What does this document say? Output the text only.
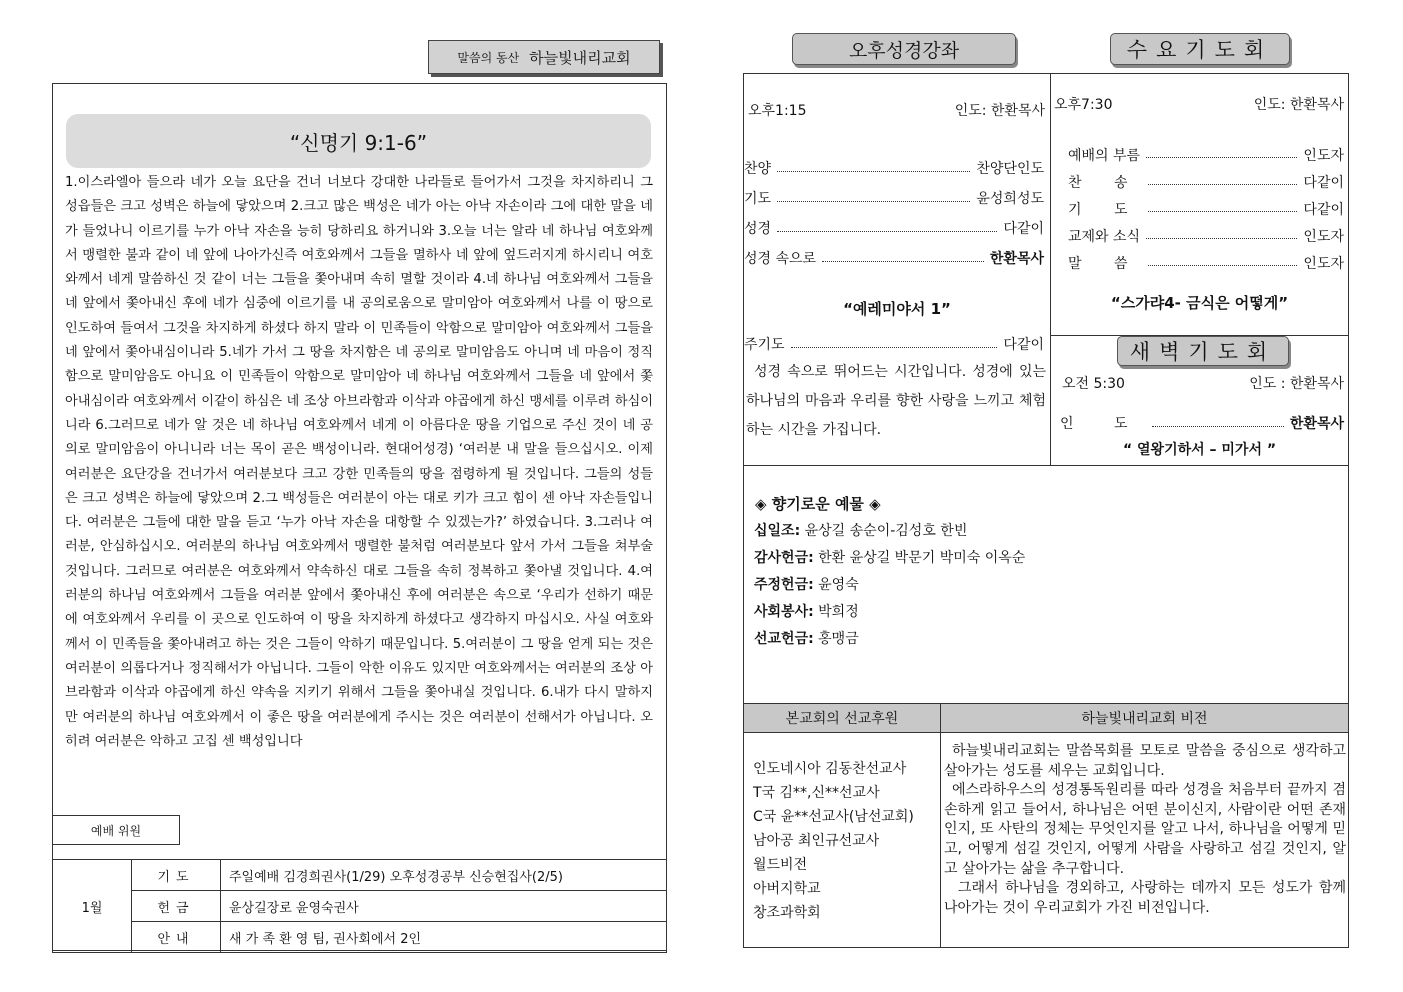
말씀의 동산 하늘빛내리교회
“신명기 9:1-6”
1.이스라엘아 들으라 네가 오늘 요단을 건너 너보다 강대한 나라들로 들어가서 그것을 차지하리니 그 성읍들은 크고 성벽은 하늘에 닿았으며 2.크고 많은 백성은 네가 아는 아낙 자손이라 그에 대한 말을 네가 들었나니 이르기를 누가 아낙 자손을 능히 당하리요 하거니와 3.오늘 너는 알라 네 하나님 여호와께서 맹렬한 불과 같이 네 앞에 나아가신즉 여호와께서 그들을 멸하사 네 앞에 엎드러지게 하시리니 여호와께서 네게 말씀하신 것 같이 너는 그들을 쫓아내며 속히 멸할 것이라 4.네 하나님 여호와께서 그들을 네 앞에서 쫓아내신 후에 네가 심중에 이르기를 내 공의로움으로 말미암아 여호와께서 나를 이 땅으로 인도하여 들여서 그것을 차지하게 하셨다 하지 말라 이 민족들이 악함으로 말미암아 여호와께서 그들을 네 앞에서 쫓아내심이니라 5.네가 가서 그 땅을 차지함은 네 공의로 말미암음도 아니며 네 마음이 정직함으로 말미암음도 아니요 이 민족들이 악함으로 말미암아 네 하나님 여호와께서 그들을 네 앞에서 쫓아내심이라 여호와께서 이같이 하심은 네 조상 아브라함과 이삭과 야곱에게 하신 맹세를 이루려 하심이니라 6.그러므로 네가 알 것은 네 하나님 여호와께서 네게 이 아름다운 땅을 기업으로 주신 것이 네 공의로 말미암음이 아니니라 너는 목이 곧은 백성이니라. 현대어성경) ‘여러분 내 말을 들으십시오. 이제 여러분은 요단강을 건너가서 여러분보다 크고 강한 민족들의 땅을 점령하게 될 것입니다. 그들의 성들은 크고 성벽은 하늘에 닿았으며 2.그 백성들은 여러분이 아는 대로 키가 크고 힘이 센 아낙 자손들입니다. 여러분은 그들에 대한 말을 듣고 ‘누가 아낙 자손을 대항할 수 있겠는가?’ 하였습니다. 3.그러나 여러분, 안심하십시오. 여러분의 하나님 여호와께서 맹렬한 불처럼 여러분보다 앞서 가서 그들을 쳐부술 것입니다. 그러므로 여러분은 여호와께서 약속하신 대로 그들을 속히 정복하고 쫓아낼 것입니다. 4.여러분의 하나님 여호와께서 그들을 여러분 앞에서 쫓아내신 후에 여러분은 속으로 ‘우리가 선하기 때문에 여호와께서 우리를 이 곳으로 인도하여 이 땅을 차지하게 하셨다고 생각하지 마십시오. 사실 여호와께서 이 민족들을 쫓아내려고 하는 것은 그들이 악하기 때문입니다. 5.여러분이 그 땅을 얻게 되는 것은 여러분이 의롭다거나 정직해서가 아닙니다. 그들이 악한 이유도 있지만 여호와께서는 여러분의 조상 아브라함과 이삭과 야곱에게 하신 약속을 지키기 위해서 그들을 쫓아내실 것입니다. 6.내가 다시 말하지만 여러분의 하나님 여호와께서 이 좋은 땅을 여러분에게 주시는 것은 여러분이 선해서가 아닙니다. 오히려 여러분은 악하고 고집 센 백성입니다
예배 위원
1월	기도	주일예배 김경희권사(1/29) 오후성경공부 신승현집사(2/5)
	헌금	윤상길장로 윤영숙권사
	안내	새 가 족 환 영 팀, 권사회에서 2인
오후성경강좌	수요기도회
새벽기도회
오후1:15	인도: 한환목사
찬양	찬양단인도
기도	윤성희성도
성경	다같이
성경 속으로	한환목사
“예레미야서 1”
주기도	다같이
성경 속으로 뛰어드는 시간입니다. 성경에 있는 하나님의 마음과 우리를 향한 사랑을 느끼고 체험하는 시간을 가집니다.
오후7:30	인도: 한환목사
예배의 부름	인도자
찬 송	다같이
기 도	다같이
교제와 소식	인도자
말 씀	인도자
“스가랴4- 금식은 어떻게”
오전 5:30	인도 : 한환목사
인 도	한환목사
“ 열왕기하서 – 미가서 ”
◈ 향기로운 예물 ◈
십일조: 윤상길 송순이-김성호 한빈
감사헌금: 한환 윤상길 박문기 박미숙 이옥순
주정헌금: 윤영숙
사회봉사: 박희정
선교헌금: 홍맹금
본교회의 선교후원	하늘빛내리교회 비전
인도네시아 김동찬선교사
T국 김**,신**선교사
C국 윤**선교사(남선교회)
남아공 최인규선교사
월드비전
아버지학교
창조과학회
하늘빛내리교회는 말씀목회를 모토로 말씀을 중심으로 생각하고 살아가는 성도를 세우는 교회입니다.
에스라하우스의 성경통독원리를 따라 성경을 처음부터 끝까지 겸손하게 읽고 들어서, 하나님은 어떤 분이신지, 사람이란 어떤 존재인지, 또 사탄의 정체는 무엇인지를 알고 나서, 하나님을 어떻게 믿고, 어떻게 섬길 것인지, 어떻게 사람을 사랑하고 섬길 것인지, 알고 살아가는 삶을 추구합니다.
그래서 하나님을 경외하고, 사랑하는 데까지 모든 성도가 함께 나아가는 것이 우리교회가 가진 비전입니다.
